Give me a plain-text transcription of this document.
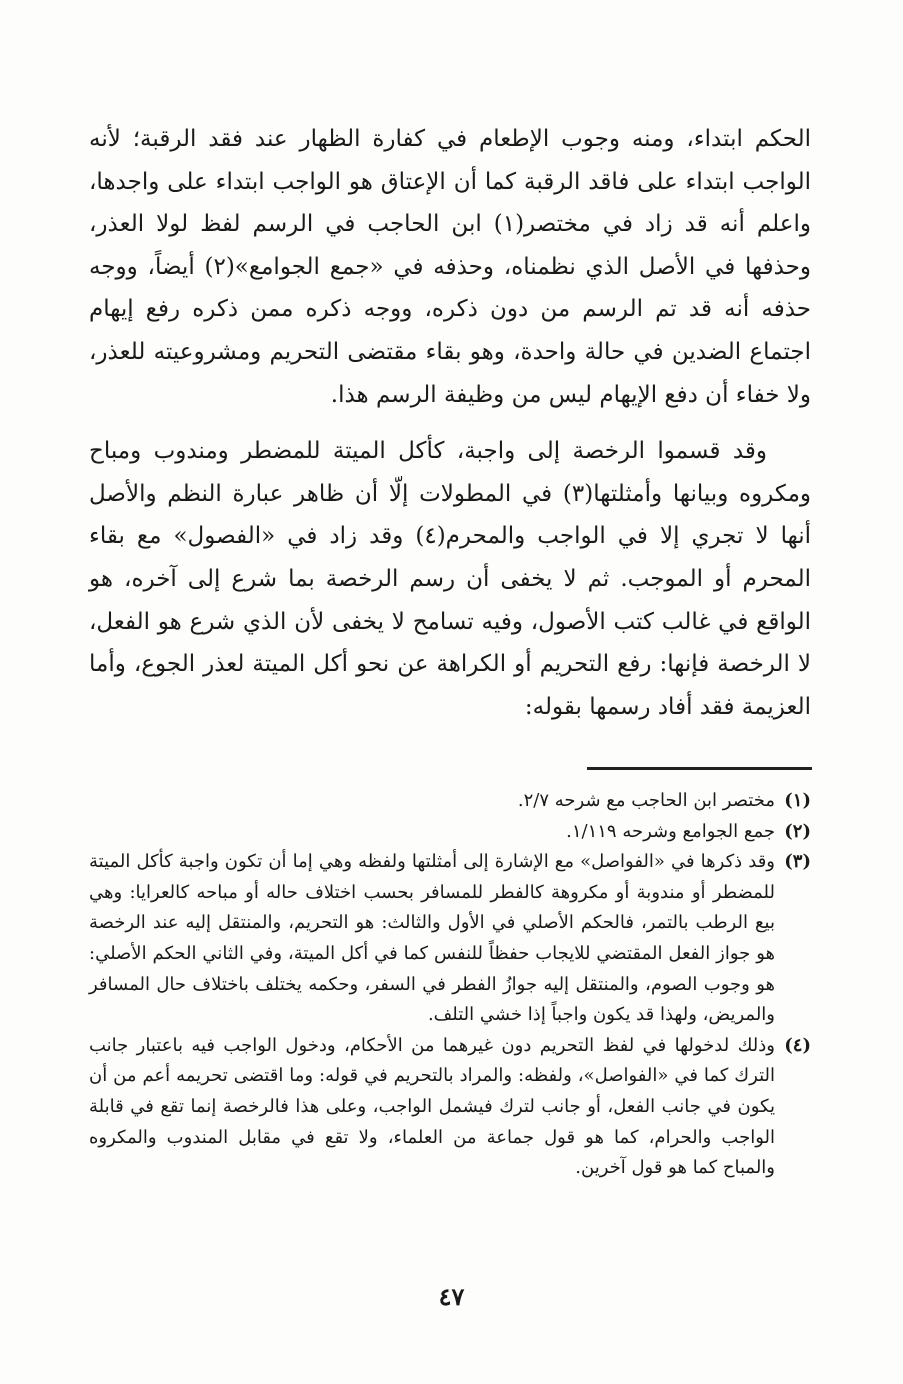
الحكم ابتداء، ومنه وجوب الإطعام في كفارة الظهار عند فقد الرقبة؛ لأنه الواجب ابتداء على فاقد الرقبة كما أن الإعتاق هو الواجب ابتداء على واجدها، واعلم أنه قد زاد في مختصر(١) ابن الحاجب في الرسم لفظ لولا العذر، وحذفها في الأصل الذي نظمناه، وحذفه في «جمع الجوامع»(٢) أيضاً، ووجه حذفه أنه قد تم الرسم من دون ذكره، ووجه ذكره ممن ذكره رفع إيهام اجتماع الضدين في حالة واحدة، وهو بقاء مقتضى التحريم ومشروعيته للعذر، ولا خفاء أن دفع الإيهام ليس من وظيفة الرسم هذا.

وقد قسموا الرخصة إلى واجبة، كأكل الميتة للمضطر ومندوب ومباح ومكروه وبيانها وأمثلتها(٣) في المطولات إلّا أن ظاهر عبارة النظم والأصل أنها لا تجري إلا في الواجب والمحرم(٤) وقد زاد في «الفصول» مع بقاء المحرم أو الموجب. ثم لا يخفى أن رسم الرخصة بما شرع إلى آخره، هو الواقع في غالب كتب الأصول، وفيه تسامح لا يخفى لأن الذي شرع هو الفعل، لا الرخصة فإنها: رفع التحريم أو الكراهة عن نحو أكل الميتة لعذر الجوع، وأما العزيمة فقد أفاد رسمها بقوله:

(١)
مختصر ابن الحاجب مع شرحه ٢/٧.
(٢)
جمع الجوامع وشرحه ١/١١٩.
(٣)
وقد ذكرها في «الفواصل» مع الإشارة إلى أمثلتها ولفظه وهي إما أن تكون واجبة كأكل الميتة للمضطر أو مندوبة أو مكروهة كالفطر للمسافر بحسب اختلاف حاله أو مباحه كالعرايا: وهي بيع الرطب بالتمر، فالحكم الأصلي في الأول والثالث: هو التحريم، والمنتقل إليه عند الرخصة هو جواز الفعل المقتضي للايجاب حفظاً للنفس كما في أكل الميتة، وفي الثاني الحكم الأصلي: هو وجوب الصوم، والمنتقل إليه جوازُ الفطر في السفر، وحكمه يختلف باختلاف حال المسافر والمريض، ولهذا قد يكون واجباً إذا خشي التلف.
(٤)
وذلك لدخولها في لفظ التحريم دون غيرهما من الأحكام، ودخول الواجب فيه باعتبار جانب الترك كما في «الفواصل»، ولفظه: والمراد بالتحريم في قوله: وما اقتضى تحريمه أعم من أن يكون في جانب الفعل، أو جانب لترك فيشمل الواجب، وعلى هذا فالرخصة إنما تقع في قابلة الواجب والحرام، كما هو قول جماعة من العلماء، ولا تقع في مقابل المندوب والمكروه والمباح كما هو قول آخرين.
٤٧
